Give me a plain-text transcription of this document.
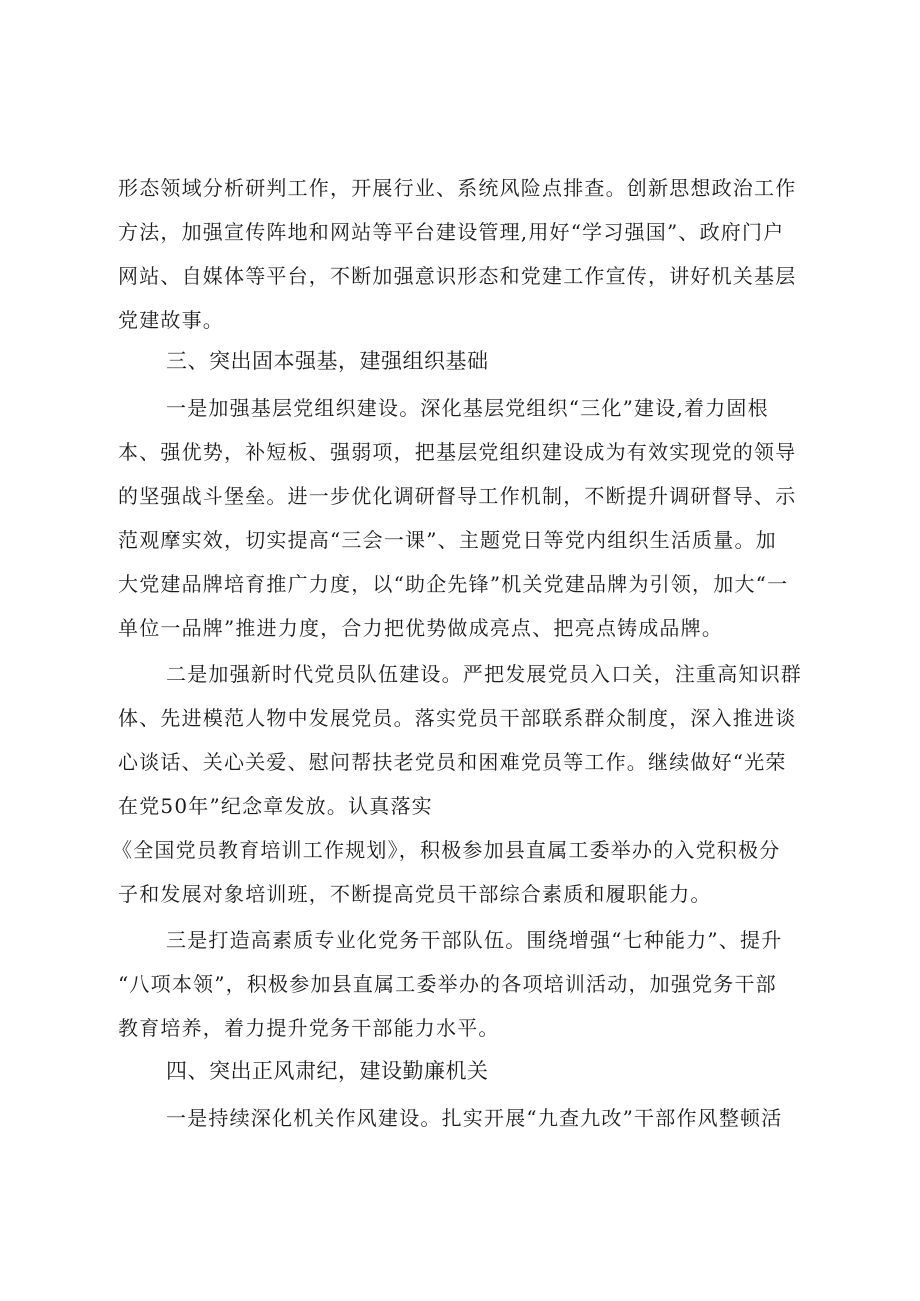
形态领域分析研判工作，开展行业、系统风险点排查。创新思想政治工作
方法，加强宣传阵地和网站等平台建设管理,用好“学习强国”、政府门户
网站、自媒体等平台，不断加强意识形态和党建工作宣传，讲好机关基层
党建故事。
三、突出固本强基，建强组织基础
一是加强基层党组织建设。深化基层党组织“三化”建设,着力固根
本、强优势，补短板、强弱项，把基层党组织建设成为有效实现党的领导
的坚强战斗堡垒。进一步优化调研督导工作机制，不断提升调研督导、示
范观摩实效，切实提高“三会一课”、主题党日等党内组织生活质量。加
大党建品牌培育推广力度，以“助企先锋”机关党建品牌为引领，加大“一
单位一品牌”推进力度，合力把优势做成亮点、把亮点铸成品牌。
二是加强新时代党员队伍建设。严把发展党员入口关，注重高知识群
体、先进模范人物中发展党员。落实党员干部联系群众制度，深入推进谈
心谈话、关心关爱、慰问帮扶老党员和困难党员等工作。继续做好“光荣
在党50年”纪念章发放。认真落实
《全国党员教育培训工作规划》，积极参加县直属工委举办的入党积极分
子和发展对象培训班，不断提高党员干部综合素质和履职能力。
三是打造高素质专业化党务干部队伍。围绕增强“七种能力”、提升
“八项本领”，积极参加县直属工委举办的各项培训活动，加强党务干部
教育培养，着力提升党务干部能力水平。
四、突出正风肃纪，建设勤廉机关
一是持续深化机关作风建设。扎实开展“九查九改”干部作风整顿活
